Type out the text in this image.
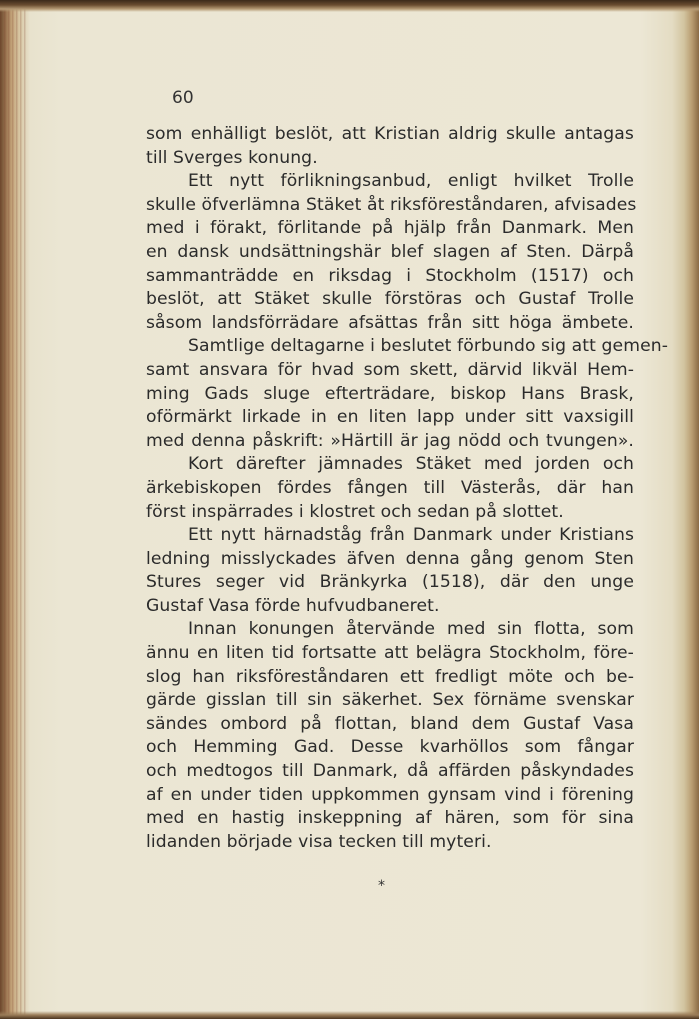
60
som enhälligt beslöt, att Kristian aldrig skulle antagas
till Sverges konung.
Ett nytt förlikningsanbud, enligt hvilket Trolle
skulle öfverlämna Stäket åt riksföreståndaren, afvisades
med i förakt, förlitande på hjälp från Danmark. Men
en dansk undsättningshär blef slagen af Sten. Därpå
sammanträdde en riksdag i Stockholm (1517) och
beslöt, att Stäket skulle förstöras och Gustaf Trolle
såsom landsförrädare afsättas från sitt höga ämbete.
Samtlige deltagarne i beslutet förbundo sig att gemen-
samt ansvara för hvad som skett, därvid likväl Hem-
ming Gads sluge efterträdare, biskop Hans Brask,
oförmärkt lirkade in en liten lapp under sitt vaxsigill
med denna påskrift: »Härtill är jag nödd och tvungen».
Kort därefter jämnades Stäket med jorden och
ärkebiskopen fördes fången till Västerås, där han
först inspärrades i klostret och sedan på slottet.
Ett nytt härnadståg från Danmark under Kristians
ledning misslyckades äfven denna gång genom Sten
Stures seger vid Bränkyrka (1518), där den unge
Gustaf Vasa förde hufvudbaneret.
Innan konungen återvände med sin flotta, som
ännu en liten tid fortsatte att belägra Stockholm, före-
slog han riksföreståndaren ett fredligt möte och be-
gärde gisslan till sin säkerhet. Sex förnäme svenskar
sändes ombord på flottan, bland dem Gustaf Vasa
och Hemming Gad. Desse kvarhöllos som fångar
och medtogos till Danmark, då affärden påskyndades
af en under tiden uppkommen gynsam vind i förening
med en hastig inskeppning af hären, som för sina
lidanden började visa tecken till myteri.
*
